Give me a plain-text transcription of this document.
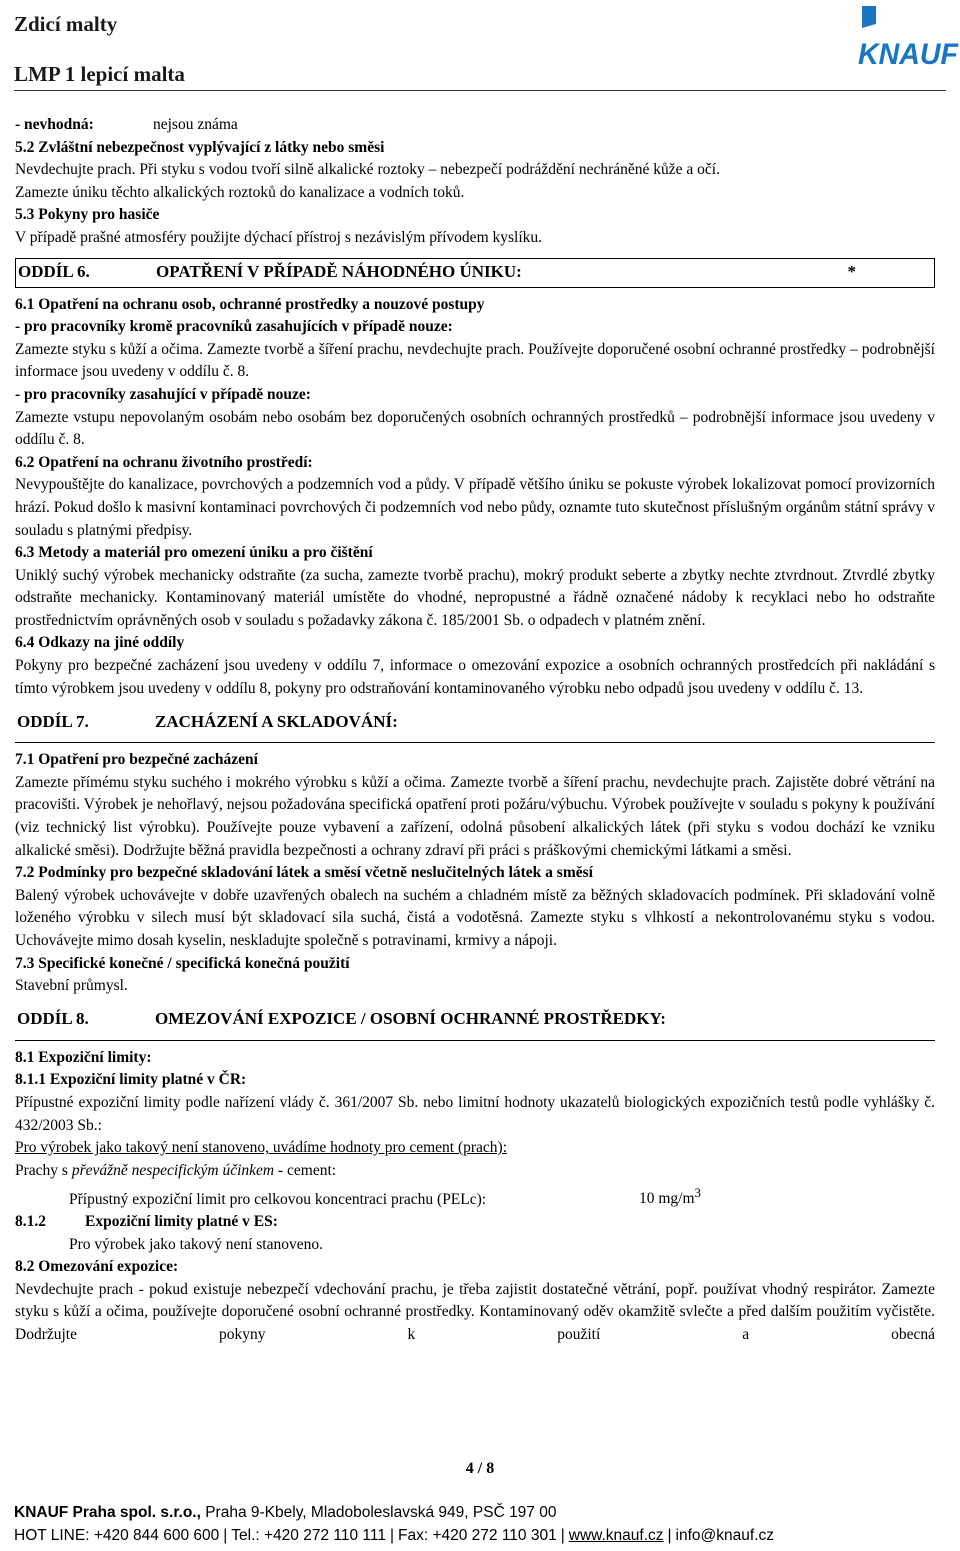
Zdicí malty
LMP 1 lepicí malta
KNAUF

- nevhodná:	nejsou známa

5.2 Zvláštní nebezpečnost vyplývající z látky nebo směsi

Nevdechujte prach. Při styku s vodou tvoří silně alkalické roztoky – nebezpečí podráždění nechráněné kůže a očí.

Zamezte úniku těchto alkalických roztoků do kanalizace a vodních toků.

5.3 Pokyny pro hasiče

V případě prašné atmosféry použijte dýchací přístroj s nezávislým přívodem kyslíku.

ODDÍL 6.	OPATŘENÍ V PŘÍPADĚ NÁHODNÉHO ÚNIKU:	*

6.1 Opatření na ochranu osob, ochranné prostředky a nouzové postupy

- pro pracovníky kromě pracovníků zasahujících v případě nouze:

Zamezte styku s kůží a očima. Zamezte tvorbě a šíření prachu, nevdechujte prach. Používejte doporučené osobní ochranné prostředky – podrobnější informace jsou uvedeny v oddílu č. 8.

- pro pracovníky zasahující v případě nouze:

Zamezte vstupu nepovolaným osobám nebo osobám bez doporučených osobních ochranných prostředků – podrobnější informace jsou uvedeny v oddílu č. 8.

6.2 Opatření na ochranu životního prostředí:

Nevypouštějte do kanalizace, povrchových a podzemních vod a půdy. V případě většího úniku se pokuste výrobek lokalizovat pomocí provizorních hrází. Pokud došlo k masivní kontaminaci povrchových či podzemních vod nebo půdy, oznamte tuto skutečnost příslušným orgánům státní správy v souladu s platnými předpisy.

6.3 Metody a materiál pro omezení úniku a pro čištění

Uniklý suchý výrobek mechanicky odstraňte (za sucha, zamezte tvorbě prachu), mokrý produkt seberte a zbytky nechte ztvrdnout. Ztvrdlé zbytky odstraňte mechanicky. Kontaminovaný materiál umístěte do vhodné, nepropustné a řádně označené nádoby k recyklaci nebo ho odstraňte prostřednictvím oprávněných osob v souladu s požadavky zákona č. 185/2001 Sb. o odpadech v platném znění.

6.4 Odkazy na jiné oddíly

Pokyny pro bezpečné zacházení jsou uvedeny v oddílu 7, informace o omezování expozice a osobních ochranných prostředcích při nakládání s tímto výrobkem jsou uvedeny v oddílu 8, pokyny pro odstraňování kontaminovaného výrobku nebo odpadů jsou uvedeny v oddílu č. 13.

ODDÍL 7.	ZACHÁZENÍ A SKLADOVÁNÍ:

7.1 Opatření pro bezpečné zacházení

Zamezte přímému styku suchého i mokrého výrobku s kůží a očima. Zamezte tvorbě a šíření prachu, nevdechujte prach. Zajistěte dobré větrání na pracovišti. Výrobek je nehořlavý, nejsou požadována specifická opatření proti požáru/výbuchu. Výrobek používejte v souladu s pokyny k používání (viz technický list výrobku). Používejte pouze vybavení a zařízení, odolná působení alkalických látek (při styku s vodou dochází ke vzniku alkalické směsi). Dodržujte běžná pravidla bezpečnosti a ochrany zdraví při práci s práškovými chemickými látkami a směsi.

7.2 Podmínky pro bezpečné skladování látek a směsí včetně neslučitelných látek a směsí

Balený výrobek uchovávejte v dobře uzavřených obalech na suchém a chladném místě za běžných skladovacích podmínek. Při skladování volně loženého výrobku v silech musí být skladovací sila suchá, čistá a vodotěsná. Zamezte styku s vlhkostí a nekontrolovanému styku s vodou. Uchovávejte mimo dosah kyselin, neskladujte společně s potravinami, krmivy a nápoji.

7.3 Specifické konečné / specifická konečná použití

Stavební průmysl.

ODDÍL 8.	OMEZOVÁNÍ EXPOZICE / OSOBNÍ OCHRANNÉ PROSTŘEDKY:

8.1 Expoziční limity:

8.1.1 Expoziční limity platné v ČR:

Přípustné expoziční limity podle nařízení vlády č. 361/2007 Sb. nebo limitní hodnoty ukazatelů biologických expozičních testů podle vyhlášky č. 432/2003 Sb.:

Pro výrobek jako takový není stanoveno, uvádíme hodnoty pro cement (prach):

Prachy s převážně nespecifickým účinkem - cement:

Přípustný expoziční limit pro celkovou koncentraci prachu (PELc):	10 $mg/m^3$

8.1.2	Expoziční limity platné v ES:

Pro výrobek jako takový není stanoveno.

8.2 Omezování expozice:

Nevdechujte prach - pokud existuje nebezpečí vdechování prachu, je třeba zajistit dostatečné větrání, popř. používat vhodný respirátor. Zamezte styku s kůží a očima, používejte doporučené osobní ochranné prostředky. Kontaminovaný oděv okamžitě svlečte a před dalším použitím vyčistěte. Dodržujte pokyny k použití a obecná

4 / 8
KNAUF Praha spol. s.r.o., Praha 9-Kbely, Mladoboleslavská 949, PSČ 197 00
HOT LINE: +420 844 600 600 | Tel.: +420 272 110 111 | Fax: +420 272 110 301 | www.knauf.cz | info@knauf.cz
